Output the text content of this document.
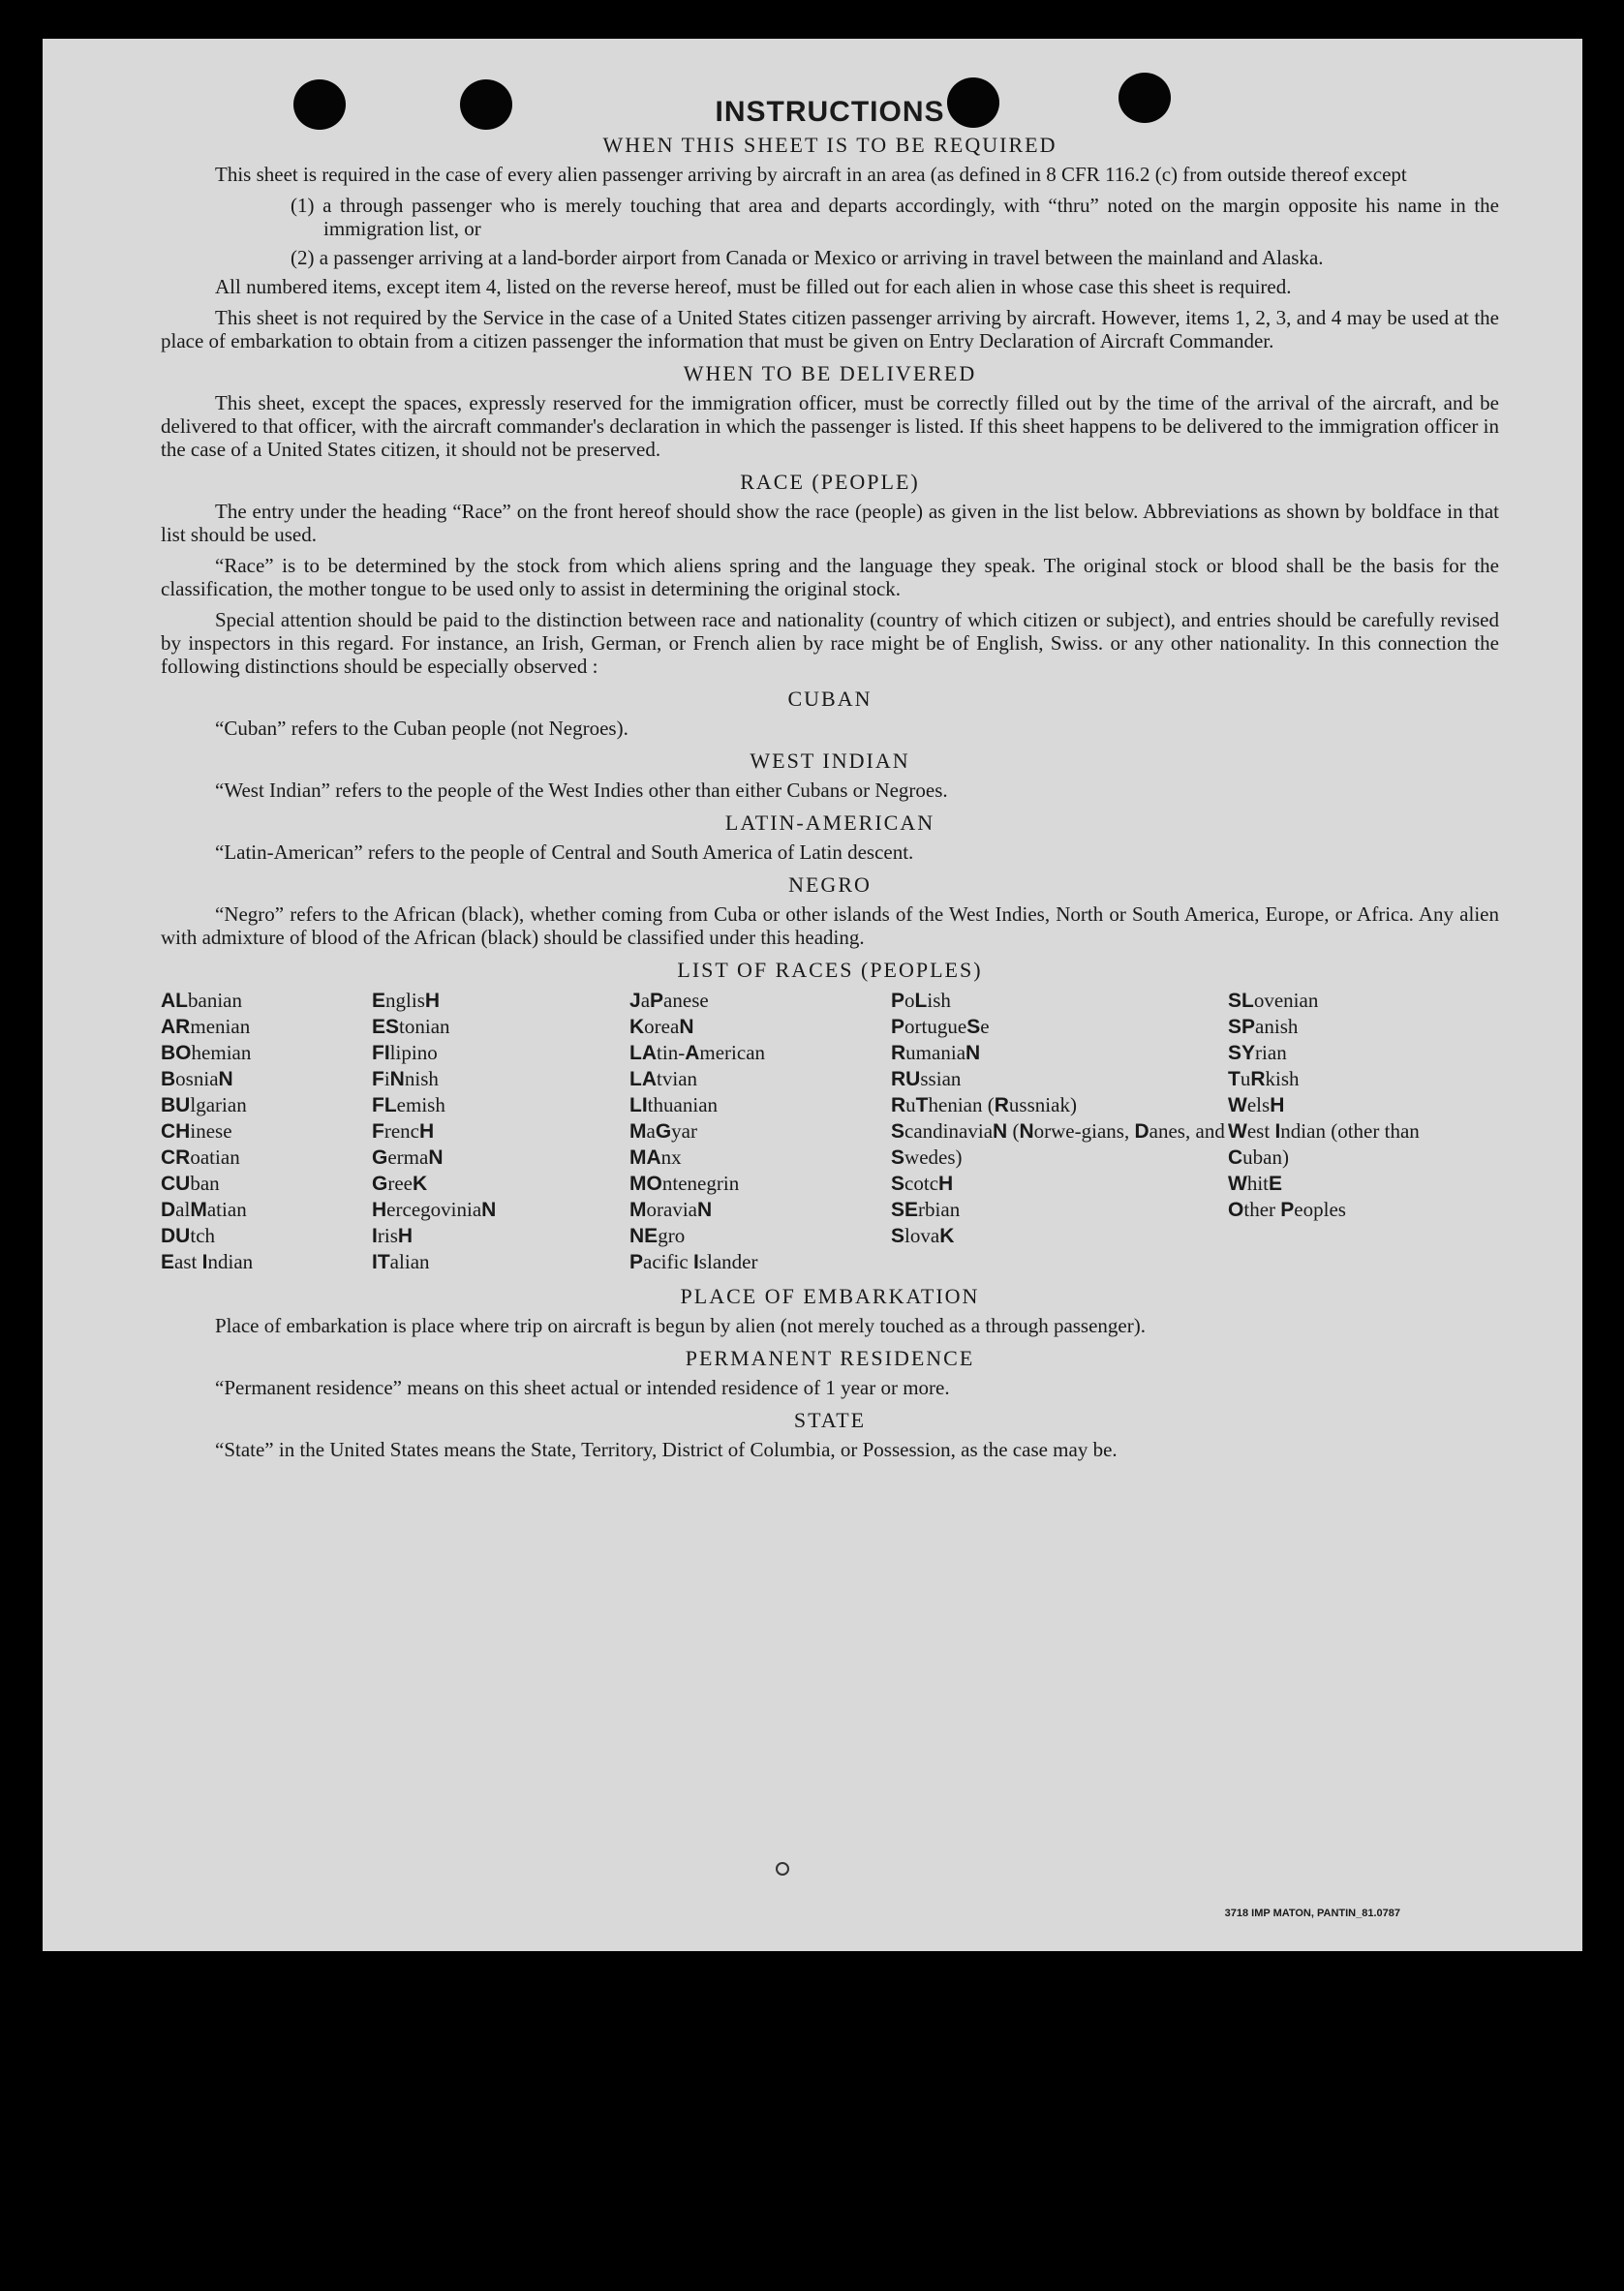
INSTRUCTIONS
WHEN THIS SHEET IS TO BE REQUIRED

This sheet is required in the case of every alien passenger arriving by aircraft in an area (as defined in 8 CFR 116.2 (c) from outside thereof except

(1) a through passenger who is merely touching that area and departs accordingly, with “thru” noted on the margin opposite his name in the immigration list, or

(2) a passenger arriving at a land-border airport from Canada or Mexico or arriving in travel between the mainland and Alaska.

All numbered items, except item 4, listed on the reverse hereof, must be filled out for each alien in whose case this sheet is required.

This sheet is not required by the Service in the case of a United States citizen passenger arriving by aircraft. However, items 1, 2, 3, and 4 may be used at the place of embarkation to obtain from a citizen passenger the information that must be given on Entry Declaration of Aircraft Commander.

WHEN TO BE DELIVERED

This sheet, except the spaces, expressly reserved for the immigration officer, must be correctly filled out by the time of the arrival of the aircraft, and be delivered to that officer, with the aircraft commander's declaration in which the passenger is listed. If this sheet happens to be delivered to the immigration officer in the case of a United States citizen, it should not be preserved.

RACE (PEOPLE)

The entry under the heading “Race” on the front hereof should show the race (people) as given in the list below. Abbreviations as shown by boldface in that list should be used.

“Race” is to be determined by the stock from which aliens spring and the language they speak. The original stock or blood shall be the basis for the classification, the mother tongue to be used only to assist in determining the original stock.

Special attention should be paid to the distinction between race and nationality (country of which citizen or subject), and entries should be carefully revised by inspectors in this regard. For instance, an Irish, German, or French alien by race might be of English, Swiss. or any other nationality. In this connection the following distinctions should be especially observed :

CUBAN

“Cuban” refers to the Cuban people (not Negroes).

WEST INDIAN

“West Indian” refers to the people of the West Indies other than either Cubans or Negroes.

LATIN-AMERICAN

“Latin-American” refers to the people of Central and South America of Latin descent.

NEGRO

“Negro” refers to the African (black), whether coming from Cuba or other islands of the West Indies, North or South America, Europe, or Africa. Any alien with admixture of blood of the African (black) should be classified under this heading.

LIST OF RACES (PEOPLES)
ALbanian
ARmenian
BOhemian
BosniaN
BUlgarian
CHinese
CRoatian
CUban
DalMatian
DUtch
East Indian
EnglisH
EStonian
FIlipino
FiNnish
FLemish
FrencH
GermaN
GreeK
HercegoviniaN
IrisH
ITalian
JaPanese
KoreaN
LAtin-American
LAtvian
LIthuanian
MaGyar
MAnx
MOntenegrin
MoraviaN
NEgro
Pacific Islander
PoLish
PortugueSe
RumaniaN
RUssian
RuThenian (Russniak)
ScandinaviaN (Norwe-gians, Danes, and Swedes)
ScotcH
SErbian
SlovaK
SLovenian
SPanish
SYrian
TuRkish
WelsH
West Indian (other than Cuban)
WhitE
Other Peoples
PLACE OF EMBARKATION

Place of embarkation is place where trip on aircraft is begun by alien (not merely touched as a through passenger).

PERMANENT RESIDENCE

“Permanent residence” means on this sheet actual or intended residence of 1 year or more.

STATE

“State” in the United States means the State, Territory, District of Columbia, or Possession, as the case may be.

3718 IMP MATON, PANTIN_81.0787
